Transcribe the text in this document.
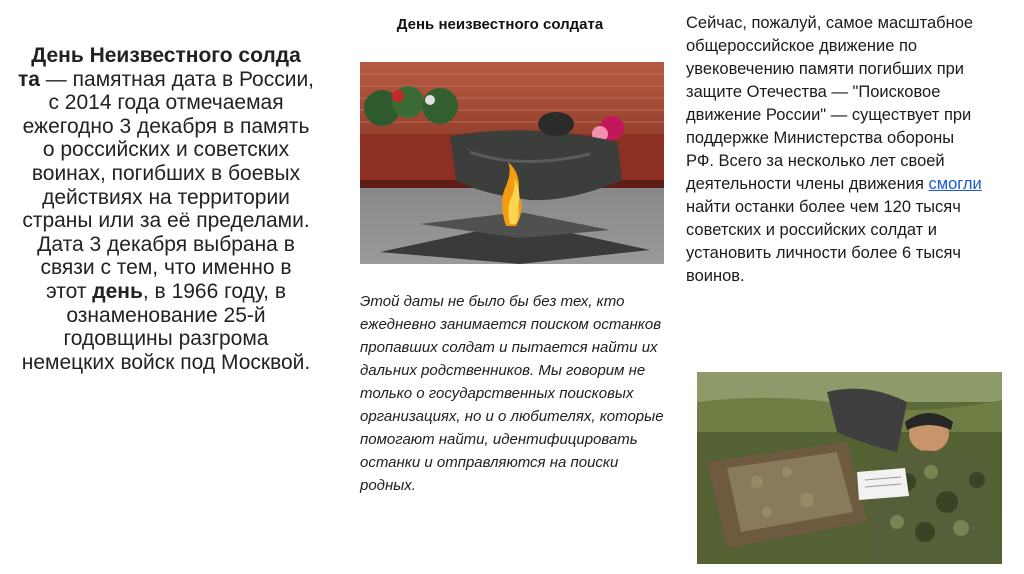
День Неизвестного солда та — памятная дата в России, с 2014 года отмечаемая ежегодно 3 декабря в память о российских и советских воинах, погибших в боевых действиях на территории страны или за её пределами. Дата 3 декабря выбрана в связи с тем, что именно в этот день, в 1966 году, в ознаменование 25-й годовщины разгрома немецких войск под Москвой.
День неизвестного солдата
Этой даты не было бы без тех, кто ежедневно занимается поиском останков пропавших солдат и пытается найти их дальних родственников. Мы говорим не только о государственных поисковых организациях, но и о любителях, которые помогают найти, идентифицировать останки и отправляются на поиски родных.
Сейчас, пожалуй, самое масштабное общероссийское движение по увековечению памяти погибших при защите Отечества — "Поисковое движение России" — существует при поддержке Министерства обороны РФ. Всего за несколько лет своей деятельности члены движения смогли найти останки более чем 120 тысяч советских и российских солдат и установить личности более 6 тысяч воинов.
